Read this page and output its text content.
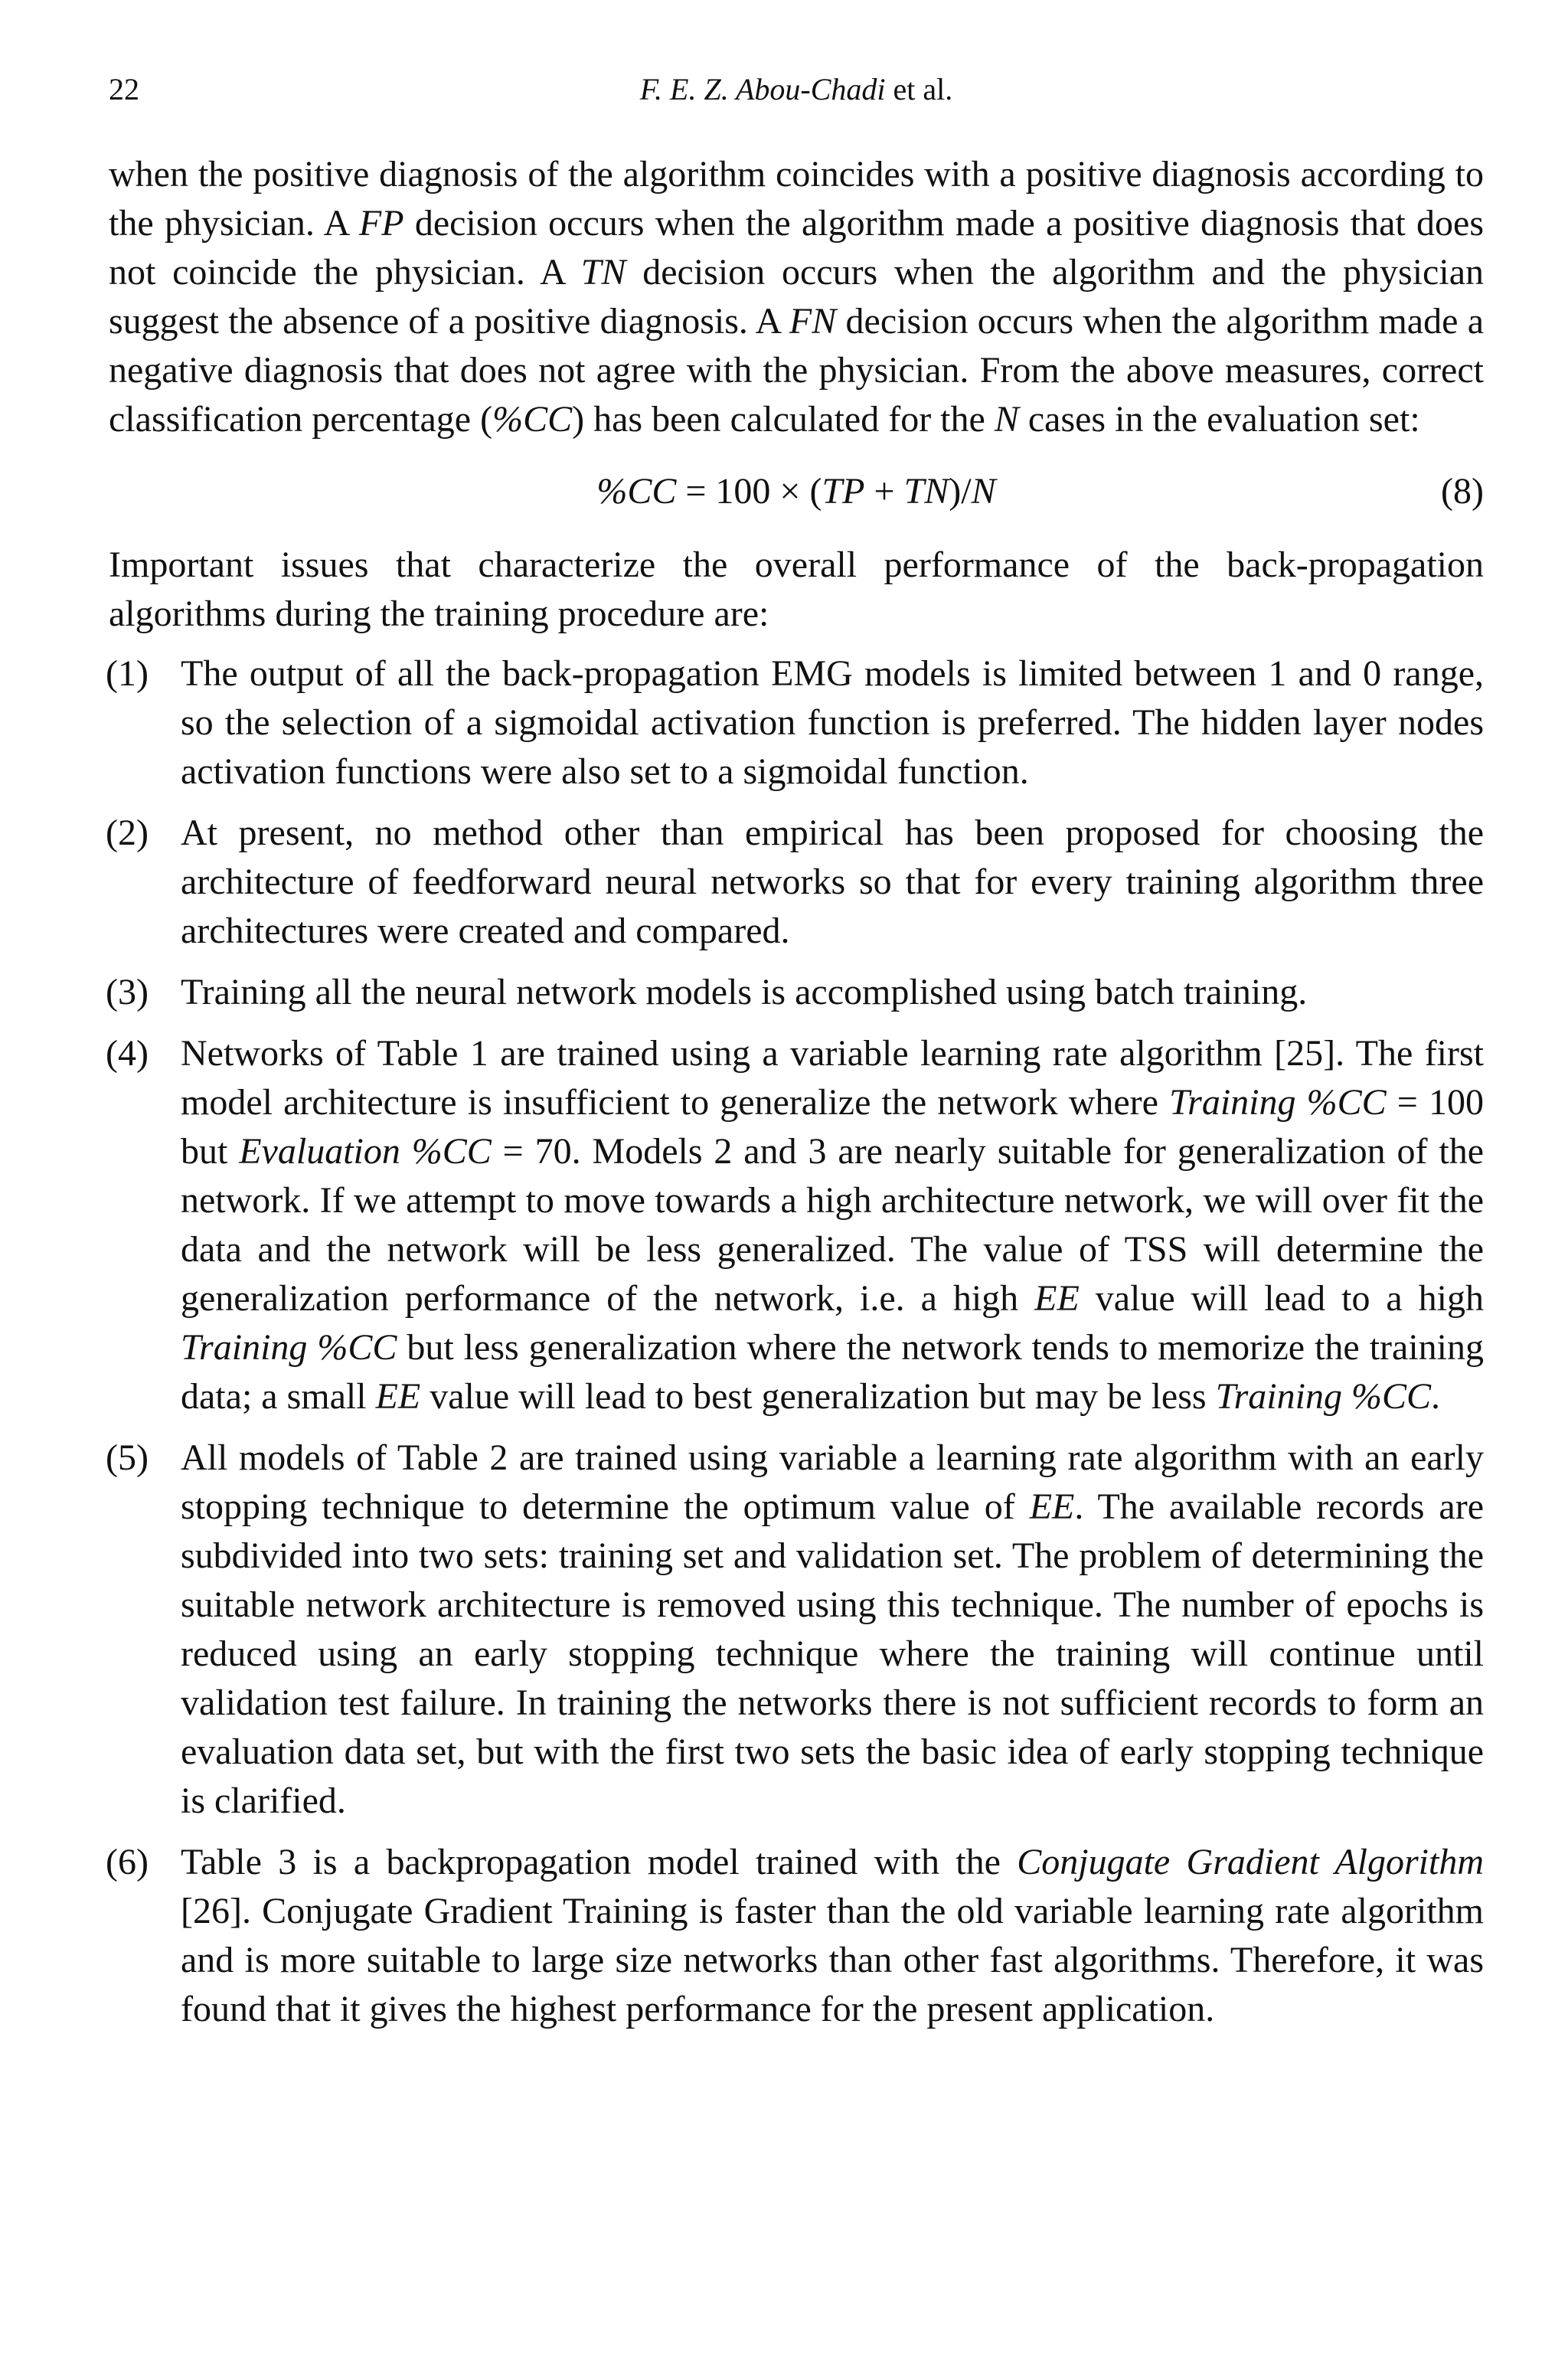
22	F. E. Z. Abou-Chadi et al.

when the positive diagnosis of the algorithm coincides with a positive diagnosis according to the physician. A FP decision occurs when the algorithm made a positive diagnosis that does not coincide the physician. A TN decision occurs when the algorithm and the physician suggest the absence of a positive diagnosis. A FN decision occurs when the algorithm made a negative diagnosis that does not agree with the physician. From the above measures, correct classification percentage (%CC) has been calculated for the N cases in the evaluation set:

%CC = 100 × (TP + TN)/N	(8)

Important issues that characterize the overall performance of the back-propagation algorithms during the training procedure are:

(1) The output of all the back-propagation EMG models is limited between 1 and 0 range, so the selection of a sigmoidal activation function is preferred. The hidden layer nodes activation functions were also set to a sigmoidal function.
(2) At present, no method other than empirical has been proposed for choosing the architecture of feedforward neural networks so that for every training algorithm three architectures were created and compared.
(3) Training all the neural network models is accomplished using batch training.
(4) Networks of Table 1 are trained using a variable learning rate algorithm [25]. The first model architecture is insufficient to generalize the network where Training %CC = 100 but Evaluation %CC = 70. Models 2 and 3 are nearly suitable for generalization of the network. If we attempt to move towards a high architecture network, we will over fit the data and the network will be less generalized. The value of TSS will determine the generalization performance of the network, i.e. a high EE value will lead to a high Training %CC but less generalization where the network tends to memorize the training data; a small EE value will lead to best generalization but may be less Training %CC.
(5) All models of Table 2 are trained using variable a learning rate algorithm with an early stopping technique to determine the optimum value of EE. The available records are subdivided into two sets: training set and validation set. The problem of determining the suitable network architecture is removed using this technique. The number of epochs is reduced using an early stopping technique where the training will continue until validation test failure. In training the networks there is not sufficient records to form an evaluation data set, but with the first two sets the basic idea of early stopping technique is clarified.
(6) Table 3 is a backpropagation model trained with the Conjugate Gradient Algorithm [26]. Conjugate Gradient Training is faster than the old variable learning rate algorithm and is more suitable to large size networks than other fast algorithms. Therefore, it was found that it gives the highest performance for the present application.
